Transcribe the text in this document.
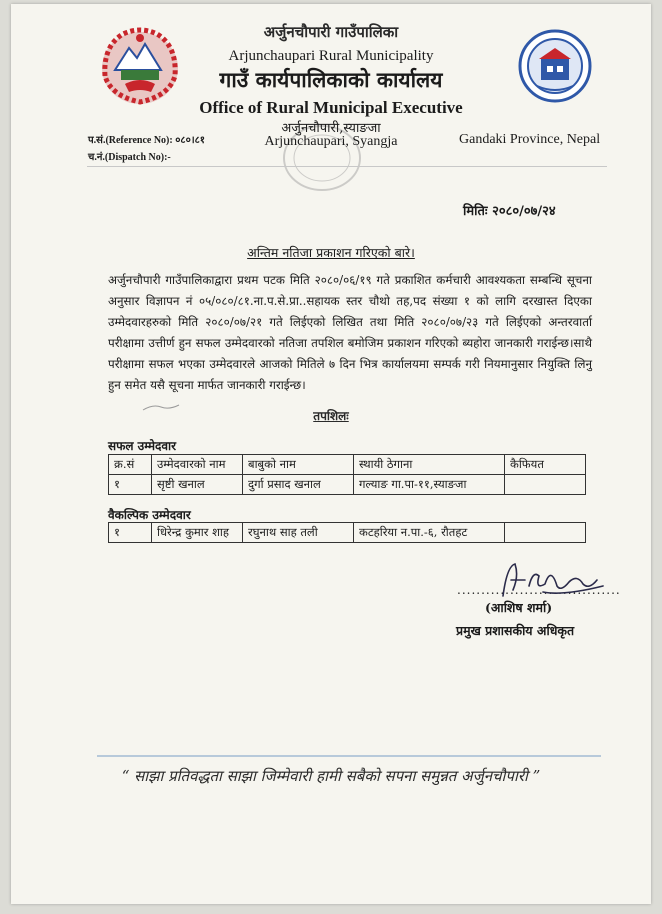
अर्जुनचौपारी गाउँपालिका
Arjunchaupari Rural Municipality
गाउँ कार्यपालिकाको कार्यालय
Office of Rural Municipal Executive
अर्जुनचौपारी,स्याङजा
Arjunchaupari, Syangja
प.सं.(Reference No): ०८०।८१
च.नं.(Dispatch No):-
Gandaki Province, Nepal
मितिः २०८०/०७/२४
अन्तिम नतिजा प्रकाशन गरिएको बारे।
अर्जुनचौपारी गाउँपालिकाद्वारा प्रथम पटक मिति २०८०/०६/१९ गते प्रकाशित कर्मचारी आवश्यकता सम्बन्धि सूचना अनुसार विज्ञापन नं ०५/०८०/८१.ना.प.से.प्रा..सहायक स्तर चौथो तह,पद संख्या १ को लागि दरखास्त दिएका उम्मेदवारहरुको मिति २०८०/०७/२१ गते लिईएको लिखित तथा मिति २०८०/०७/२३ गते लिईएको अन्तरवार्ता परीक्षामा उत्तीर्ण हुन सफल उम्मेदवारको नतिजा तपशिल बमोजिम प्रकाशन गरिएको ब्यहोरा जानकारी गराईन्छ।साथै परीक्षामा सफल भएका उम्मेदवारले आजको मितिले ७ दिन भित्र कार्यालयमा सम्पर्क गरी नियमानुसार नियुक्ति लिनु हुन समेत यसै सूचना मार्फत जानकारी गराईन्छ।
तपशिलः
सफल उम्मेदवार
क्र.सं	उम्मेदवारको नाम	बाबुको नाम	स्थायी ठेगाना	कैफियत
१	सृष्टी खनाल	दुर्गा प्रसाद खनाल	गल्याङ गा.पा-११,स्याङजा	
वैकल्पिक उम्मेदवार
१	धिरेन्द्र कुमार शाह	रघुनाथ साह तली	कटहरिया न.पा.-६, रौतहट	
..................................
(आशिष शर्मा)
प्रमुख प्रशासकीय अधिकृत
“ साझा प्रतिवद्धता साझा जिम्मेवारी हामी सबैको सपना समुन्नत अर्जुनचौपारी ”
